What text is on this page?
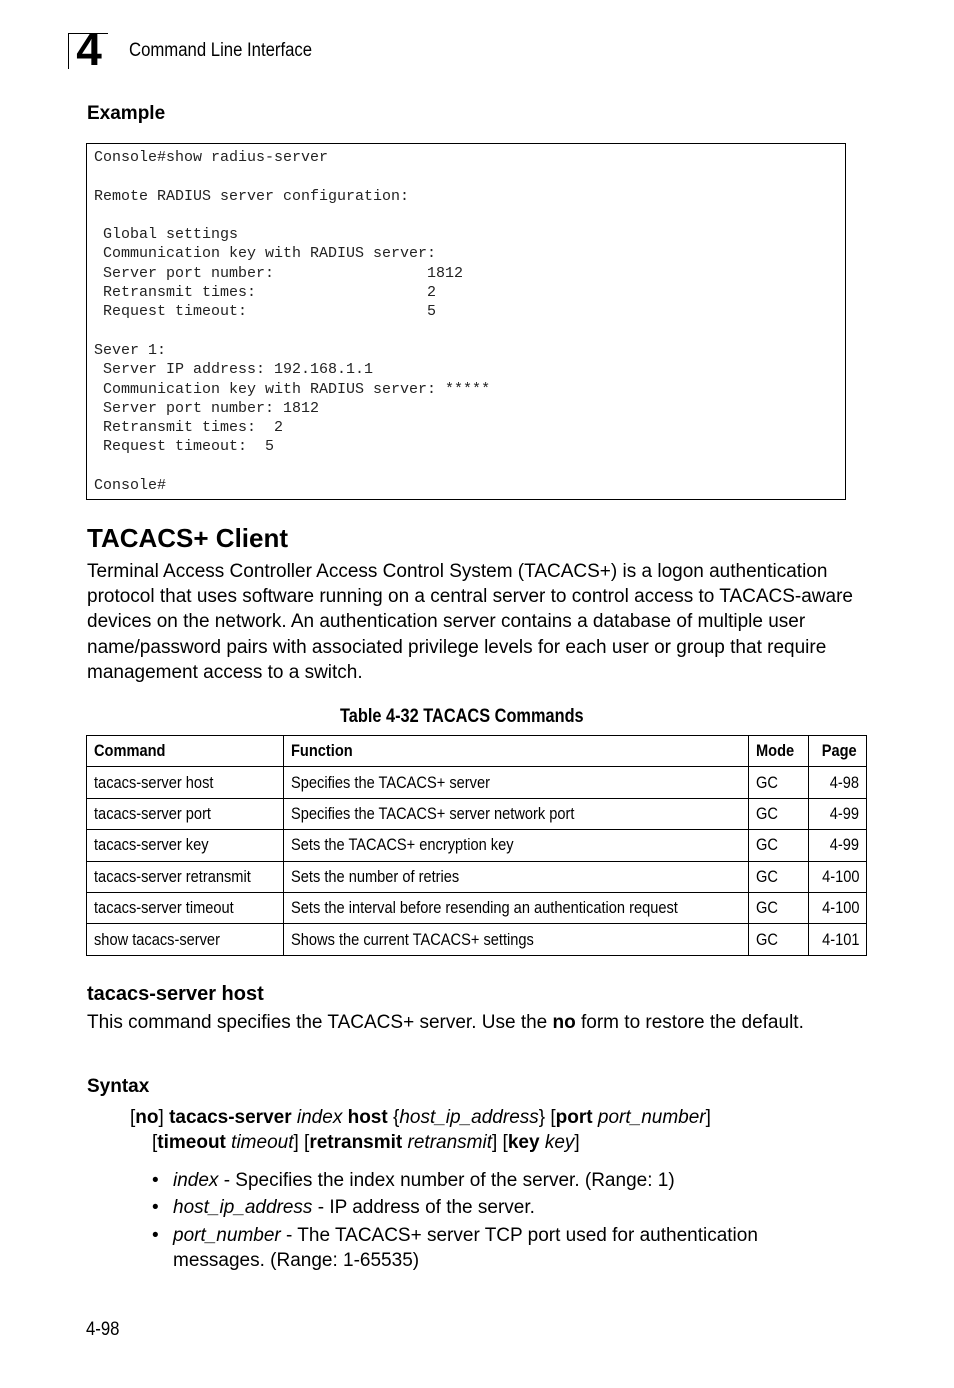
4	Command Line Interface
Example
Console#show radius-server
Remote RADIUS server configuration:
Global settings
Communication key with RADIUS server:
Server port number:                 1812
Retransmit times:                   2
Request timeout:                    5
Sever 1:
Server IP address: 192.168.1.1
Communication key with RADIUS server: *****
Server port number: 1812
Retransmit times:  2
Request timeout:  5
Console#
TACACS+ Client

Terminal Access Controller Access Control System (TACACS+) is a logon authentication protocol that uses software running on a central server to control access to TACACS-aware devices on the network. An authentication server contains a database of multiple user name/password pairs with associated privilege levels for each user or group that require management access to a switch.

Table 4-32 TACACS Commands
Command	Function	Mode	Page
tacacs-server host	Specifies the TACACS+ server	GC	4-98
tacacs-server port	Specifies the TACACS+ server network port	GC	4-99
tacacs-server key	Sets the TACACS+ encryption key	GC	4-99
tacacs-server retransmit	Sets the number of retries	GC	4-100
tacacs-server timeout	Sets the interval before resending an authentication request	GC	4-100
show tacacs-server	Shows the current TACACS+ settings	GC	4-101
tacacs-server host

This command specifies the TACACS+ server. Use the no form to restore the default.

Syntax
[no] tacacs-server index host {host_ip_address} [port port_number]
[timeout timeout] [retransmit retransmit] [key key]
• index - Specifies the index number of the server. (Range: 1)
• host_ip_address - IP address of the server.
• port_number - The TACACS+ server TCP port used for authentication messages. (Range: 1-65535)
4-98
